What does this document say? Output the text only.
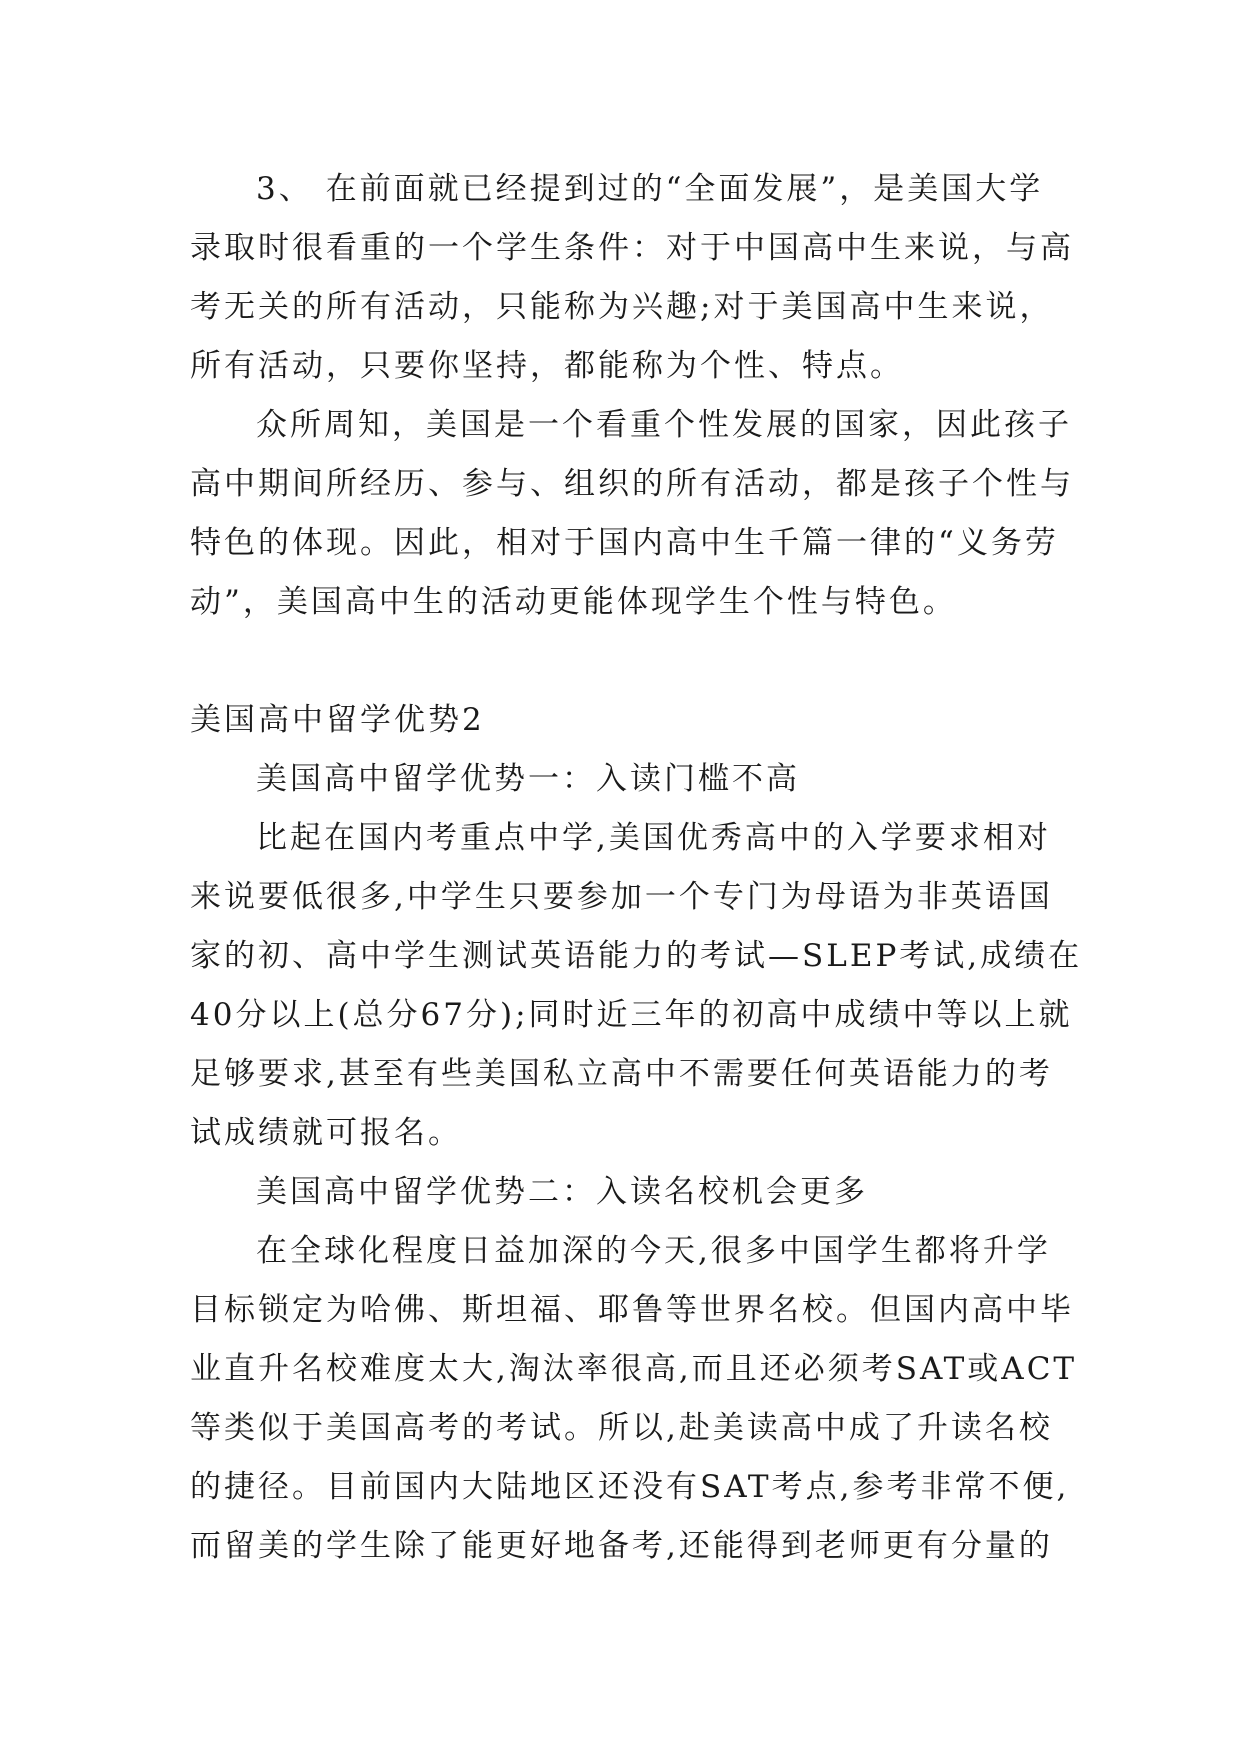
3、 在前面就已经提到过的“全面发展”，是美国大学
录取时很看重的一个学生条件：对于中国高中生来说，与高
考无关的所有活动，只能称为兴趣;对于美国高中生来说，
所有活动，只要你坚持，都能称为个性、特点。
众所周知，美国是一个看重个性发展的国家，因此孩子
高中期间所经历、参与、组织的所有活动，都是孩子个性与
特色的体现。因此，相对于国内高中生千篇一律的“义务劳
动”，美国高中生的活动更能体现学生个性与特色。
美国高中留学优势2
美国高中留学优势一：入读门槛不高
比起在国内考重点中学,美国优秀高中的入学要求相对
来说要低很多,中学生只要参加一个专门为母语为非英语国
家的初、高中学生测试英语能力的考试—SLEP考试,成绩在
40分以上(总分67分);同时近三年的初高中成绩中等以上就
足够要求,甚至有些美国私立高中不需要任何英语能力的考
试成绩就可报名。
美国高中留学优势二：入读名校机会更多
在全球化程度日益加深的今天,很多中国学生都将升学
目标锁定为哈佛、斯坦福、耶鲁等世界名校。但国内高中毕
业直升名校难度太大,淘汰率很高,而且还必须考SAT或ACT
等类似于美国高考的考试。所以,赴美读高中成了升读名校
的捷径。目前国内大陆地区还没有SAT考点,参考非常不便,
而留美的学生除了能更好地备考,还能得到老师更有分量的
